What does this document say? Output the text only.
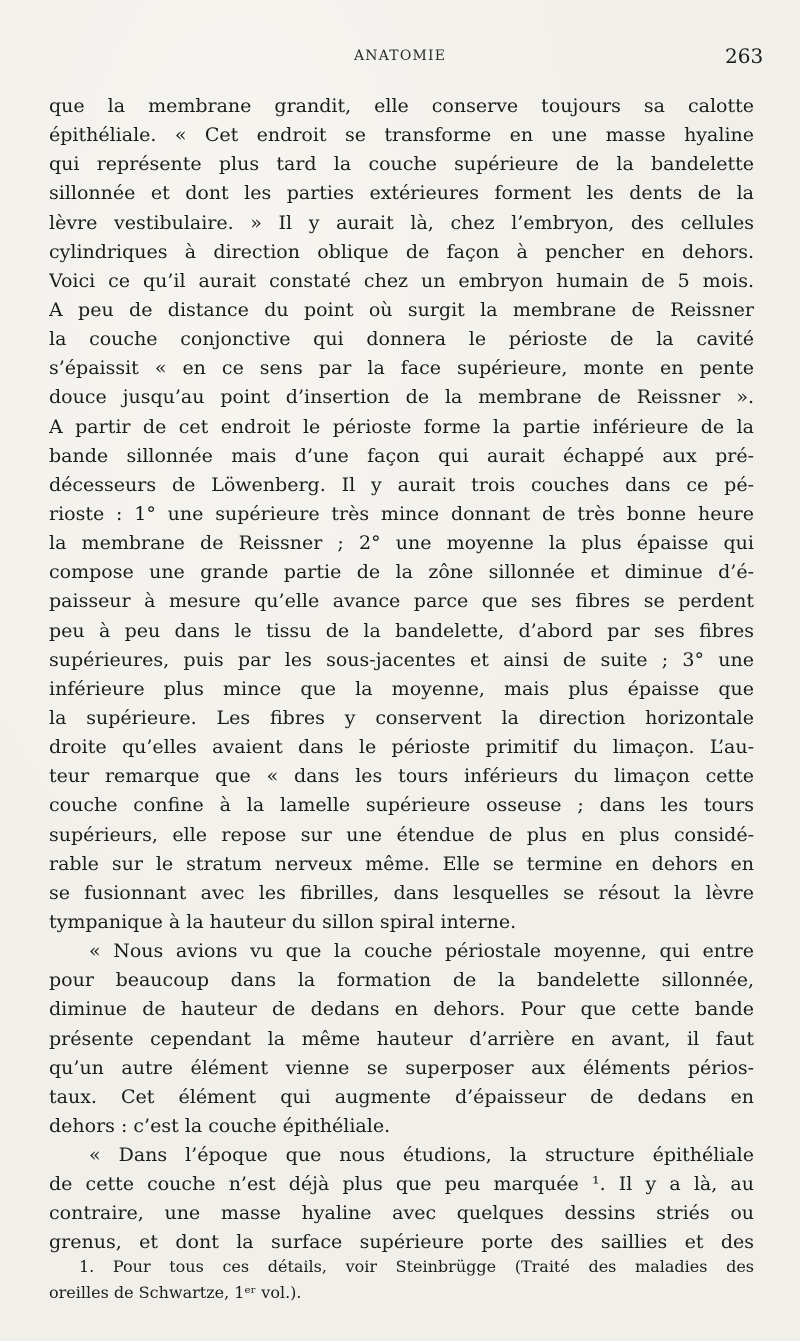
ANATOMIE	263
que la membrane grandit, elle conserve toujours sa calotte
épithéliale. « Cet endroit se transforme en une masse hyaline
qui représente plus tard la couche supérieure de la bandelette
sillonnée et dont les parties extérieures forment les dents de la
lèvre vestibulaire. » Il y aurait là, chez l’embryon, des cellules
cylindriques à direction oblique de façon à pencher en dehors.
Voici ce qu’il aurait constaté chez un embryon humain de 5 mois.
A peu de distance du point où surgit la membrane de Reissner
la couche conjonctive qui donnera le périoste de la cavité
s’épaissit « en ce sens par la face supérieure, monte en pente
douce jusqu’au point d’insertion de la membrane de Reissner ».
A partir de cet endroit le périoste forme la partie inférieure de la
bande sillonnée mais d’une façon qui aurait échappé aux pré-
décesseurs de Löwenberg. Il y aurait trois couches dans ce pé-
rioste : 1° une supérieure très mince donnant de très bonne heure
la membrane de Reissner ; 2° une moyenne la plus épaisse qui
compose une grande partie de la zône sillonnée et diminue d’é-
paisseur à mesure qu’elle avance parce que ses fibres se perdent
peu à peu dans le tissu de la bandelette, d’abord par ses fibres
supérieures, puis par les sous-jacentes et ainsi de suite ; 3° une
inférieure plus mince que la moyenne, mais plus épaisse que
la supérieure. Les fibres y conservent la direction horizontale
droite qu’elles avaient dans le périoste primitif du limaçon. L’au-
teur remarque que « dans les tours inférieurs du limaçon cette
couche confine à la lamelle supérieure osseuse ; dans les tours
supérieurs, elle repose sur une étendue de plus en plus considé-
rable sur le stratum nerveux même. Elle se termine en dehors en
se fusionnant avec les fibrilles, dans lesquelles se résout la lèvre
tympanique à la hauteur du sillon spiral interne.
« Nous avions vu que la couche périostale moyenne, qui entre
pour beaucoup dans la formation de la bandelette sillonnée,
diminue de hauteur de dedans en dehors. Pour que cette bande
présente cependant la même hauteur d’arrière en avant, il faut
qu’un autre élément vienne se superposer aux éléments périos-
taux. Cet élément qui augmente d’épaisseur de dedans en
dehors : c’est la couche épithéliale.
« Dans l’époque que nous étudions, la structure épithéliale
de cette couche n’est déjà plus que peu marquée ¹. Il y a là, au
contraire, une masse hyaline avec quelques dessins striés ou
grenus, et dont la surface supérieure porte des saillies et des
1. Pour tous ces détails, voir Steinbrügge (Traité des maladies des
oreilles de Schwartze, 1ᵉʳ vol.).
